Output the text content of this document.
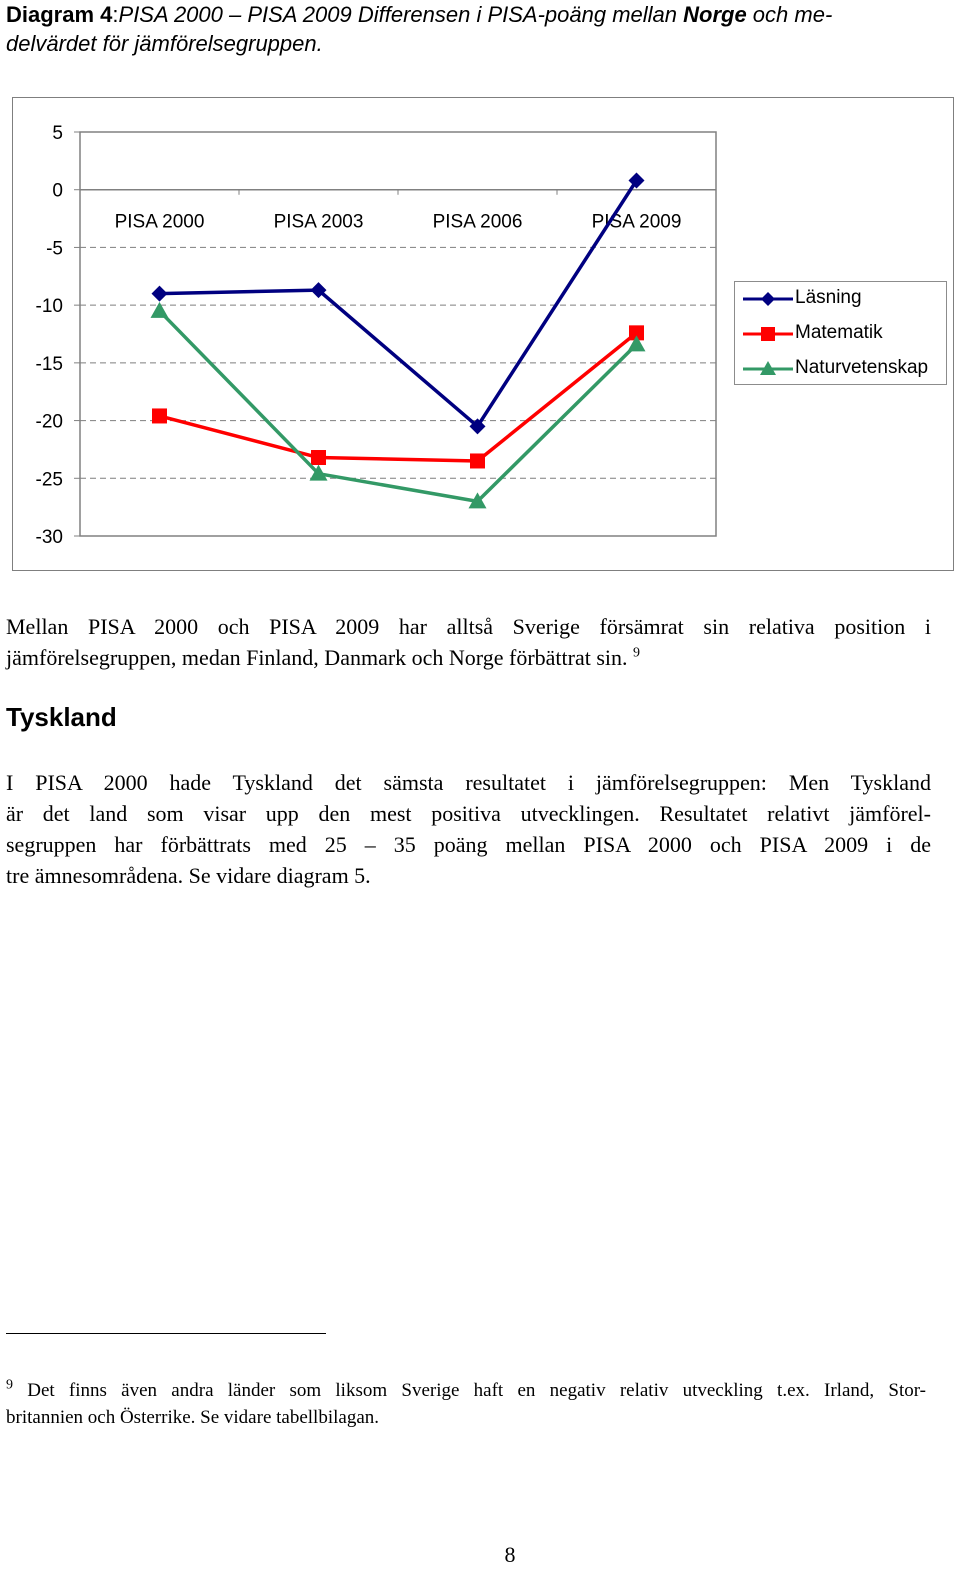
Diagram 4:PISA 2000 – PISA 2009 Differensen i PISA-poäng mellan Norge och me-
delvärdet för jämförelsegruppen.
5
0
-5
-10
-15
-20
-25
-30
PISA 2000	PISA 2003	PISA 2006	PISA 2009
Läsning
Matematik
Naturvetenskap
Mellan PISA 2000 och PISA 2009 har alltså Sverige försämrat sin relativa position i
jämförelsegruppen, medan Finland, Danmark och Norge förbättrat sin. $^9$
Tyskland
I PISA 2000 hade Tyskland det sämsta resultatet i jämförelsegruppen: Men Tyskland
är det land som visar upp den mest positiva utvecklingen. Resultatet relativt jämförel-
segruppen har förbättrats med 25 – 35 poäng mellan PISA 2000 och PISA 2009 i de
tre ämnesområdena. Se vidare diagram 5.
$^9$ Det finns även andra länder som liksom Sverige haft en negativ relativ utveckling t.ex. Irland, Stor-
britannien och Österrike. Se vidare tabellbilagan.
8
